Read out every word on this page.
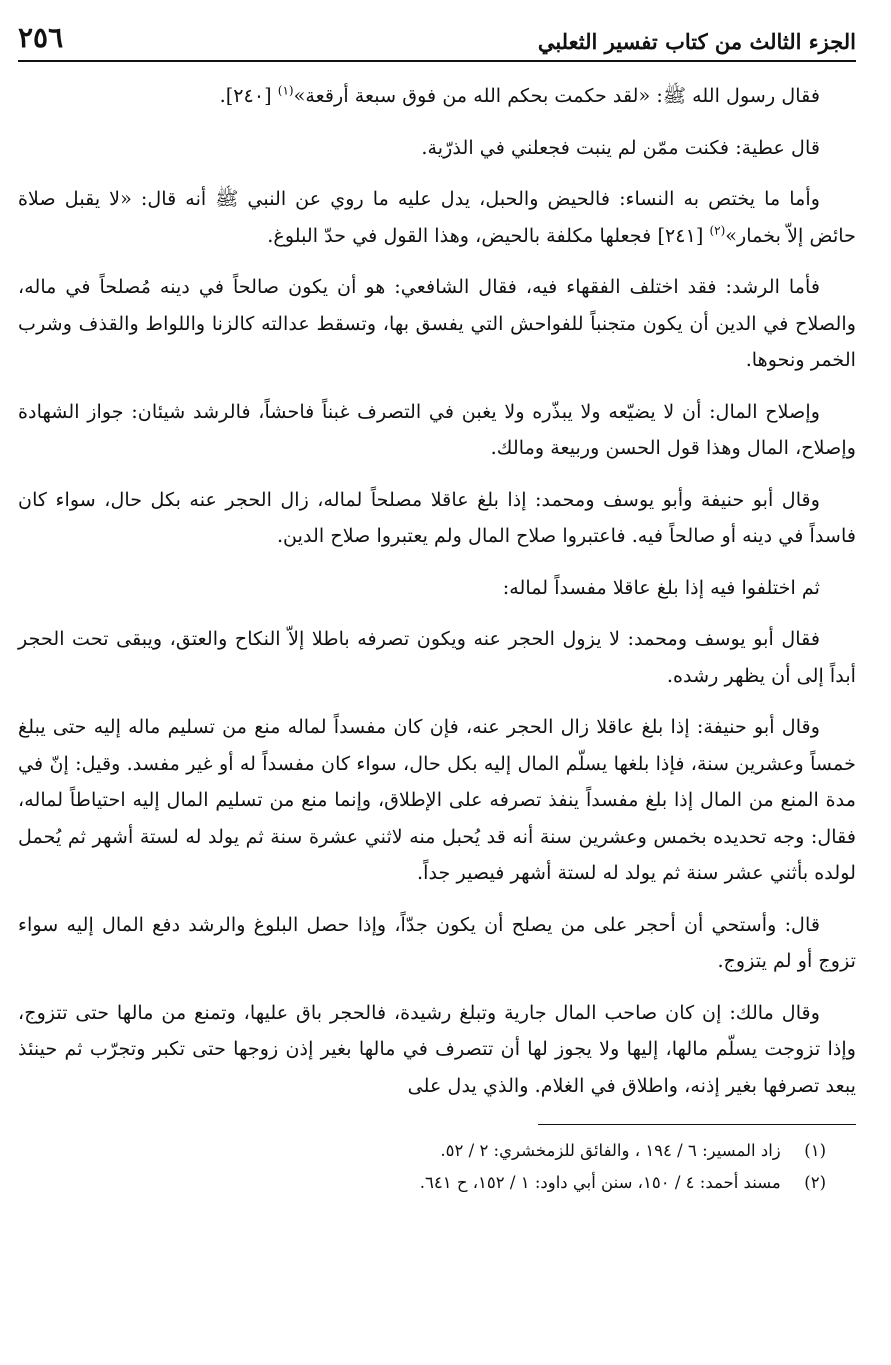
الجزء الثالث من كتاب تفسير الثعلبي
٢٥٦

فقال رسول الله ﷺ: «لقد حكمت بحكم الله من فوق سبعة أرقعة»$^{(١)}$ [٢٤٠].

قال عطية: فكنت ممّن لم ينبت فجعلني في الذرّية.

وأما ما يختص به النساء: فالحيض والحبل، يدل عليه ما روي عن النبي ﷺ أنه قال: «لا يقبل صلاة حائض إلاّ بخمار»$^{(٢)}$ [٢٤١] فجعلها مكلفة بالحيض، وهذا القول في حدّ البلوغ.

فأما الرشد: فقد اختلف الفقهاء فيه، فقال الشافعي: هو أن يكون صالحاً في دينه مُصلحاً في ماله، والصلاح في الدين أن يكون متجنباً للفواحش التي يفسق بها، وتسقط عدالته كالزنا واللواط والقذف وشرب الخمر ونحوها.

وإصلاح المال: أن لا يضيّعه ولا يبذّره ولا يغبن في التصرف غبناً فاحشاً، فالرشد شيئان: جواز الشهادة وإصلاح، المال وهذا قول الحسن وربيعة ومالك.

وقال أبو حنيفة وأبو يوسف ومحمد: إذا بلغ عاقلا مصلحاً لماله، زال الحجر عنه بكل حال، سواء كان فاسداً في دينه أو صالحاً فيه. فاعتبروا صلاح المال ولم يعتبروا صلاح الدين.

ثم اختلفوا فيه إذا بلغ عاقلا مفسداً لماله:

فقال أبو يوسف ومحمد: لا يزول الحجر عنه ويكون تصرفه باطلا إلاّ النكاح والعتق، ويبقى تحت الحجر أبداً إلى أن يظهر رشده.

وقال أبو حنيفة: إذا بلغ عاقلا زال الحجر عنه، فإن كان مفسداً لماله منع من تسليم ماله إليه حتى يبلغ خمساً وعشرين سنة، فإذا بلغها يسلّم المال إليه بكل حال، سواء كان مفسداً له أو غير مفسد. وقيل: إنّ في مدة المنع من المال إذا بلغ مفسداً ينفذ تصرفه على الإطلاق، وإنما منع من تسليم المال إليه احتياطاً لماله، فقال: وجه تحديده بخمس وعشرين سنة أنه قد يُحبل منه لاثني عشرة سنة ثم يولد له لستة أشهر ثم يُحمل لولده بأثني عشر سنة ثم يولد له لستة أشهر فيصير جداً.

قال: وأستحي أن أحجر على من يصلح أن يكون جدّاً، وإذا حصل البلوغ والرشد دفع المال إليه سواء تزوج أو لم يتزوج.

وقال مالك: إن كان صاحب المال جارية وتبلغ رشيدة، فالحجر باق عليها، وتمنع من مالها حتى تتزوج، وإذا تزوجت يسلّم مالها، إليها ولا يجوز لها أن تتصرف في مالها بغير إذن زوجها حتى تكبر وتجرّب ثم حينئذ يبعد تصرفها بغير إذنه، واطلاق في الغلام. والذي يدل على

(١) زاد المسير: ٦ / ١٩٤ ، والفائق للزمخشري: ٢ / ٥٢.
(٢) مسند أحمد: ٤ / ١٥٠، سنن أبي داود: ١ / ١٥٢، ح ٦٤١.
